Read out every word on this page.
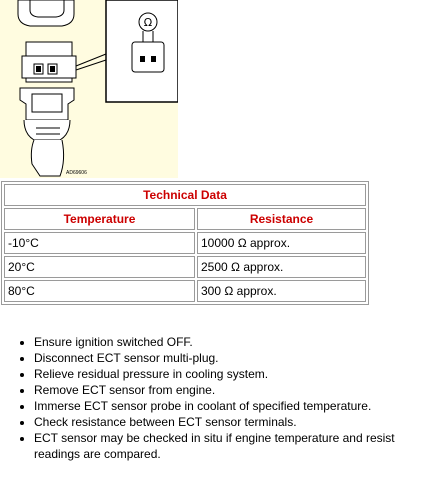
Ω
AD69606
Technical Data	
Temperature	Resistance
-10°C	10000 Ω approx.
20°C	2500 Ω approx.
80°C	300 Ω approx.
• Ensure ignition switched OFF.
• Disconnect ECT sensor multi-plug.
• Relieve residual pressure in cooling system.
• Remove ECT sensor from engine.
• Immerse ECT sensor probe in coolant of specified temperature.
• Check resistance between ECT sensor terminals.
• ECT sensor may be checked in situ if engine temperature and resist readings are compared.
